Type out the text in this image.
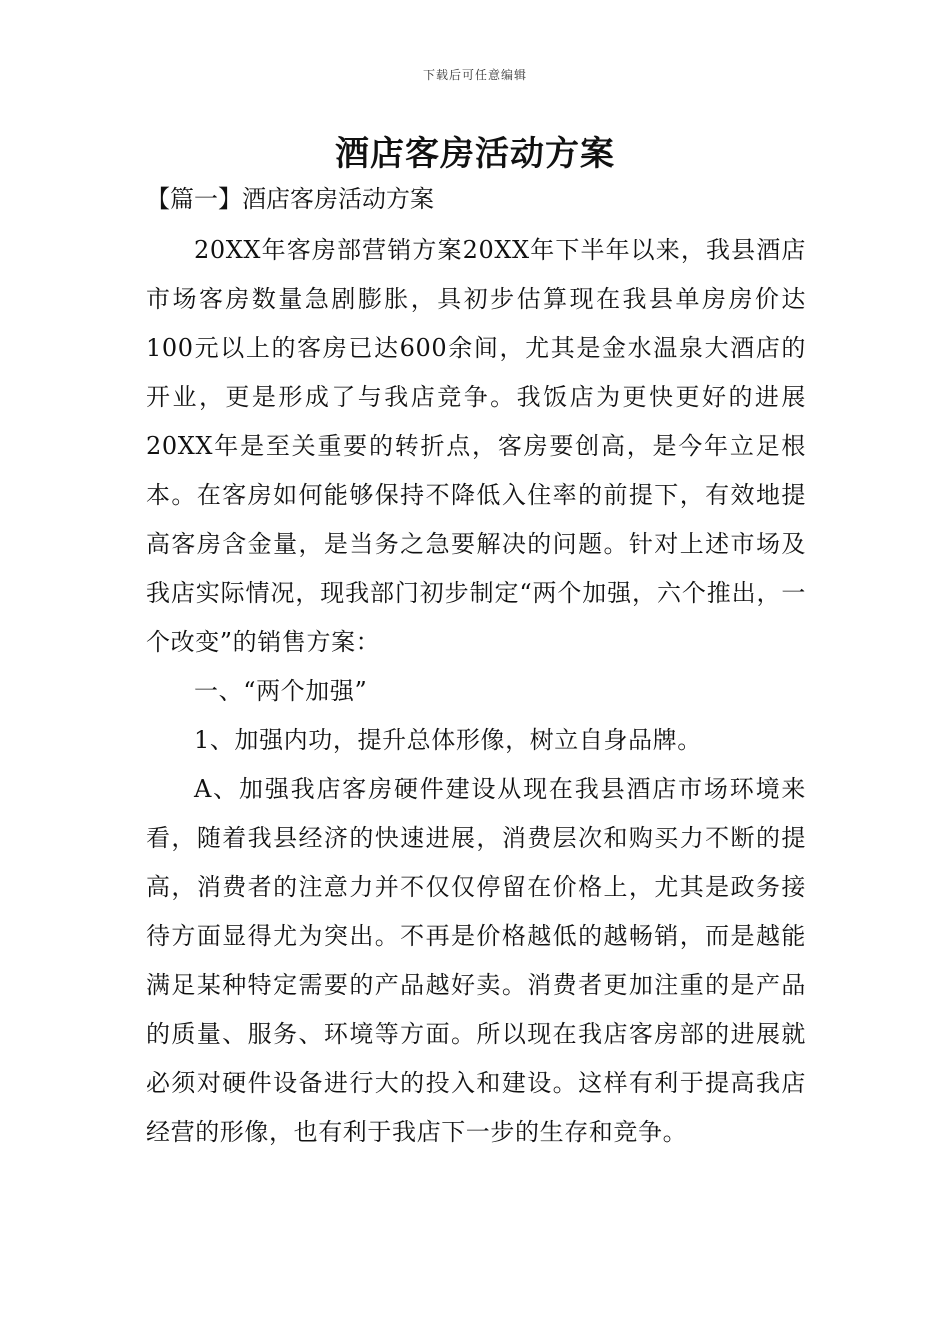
下载后可任意编辑
酒店客房活动方案

【篇一】酒店客房活动方案

20XX年客房部营销方案20XX年下半年以来，我县酒店市场客房数量急剧膨胀，具初步估算现在我县单房房价达100元以上的客房已达600余间，尤其是金水温泉大酒店的开业，更是形成了与我店竞争。我饭店为更快更好的进展20XX年是至关重要的转折点，客房要创高，是今年立足根本。在客房如何能够保持不降低入住率的前提下，有效地提高客房含金量，是当务之急要解决的问题。针对上述市场及我店实际情况，现我部门初步制定“两个加强，六个推出，一个改变”的销售方案：

一、“两个加强”

1、加强内功，提升总体形像，树立自身品牌。

A、加强我店客房硬件建设从现在我县酒店市场环境来看，随着我县经济的快速进展，消费层次和购买力不断的提高，消费者的注意力并不仅仅停留在价格上，尤其是政务接待方面显得尤为突出。不再是价格越低的越畅销，而是越能满足某种特定需要的产品越好卖。消费者更加注重的是产品的质量、服务、环境等方面。所以现在我店客房部的进展就必须对硬件设备进行大的投入和建设。这样有利于提高我店经营的形像，也有利于我店下一步的生存和竞争。
